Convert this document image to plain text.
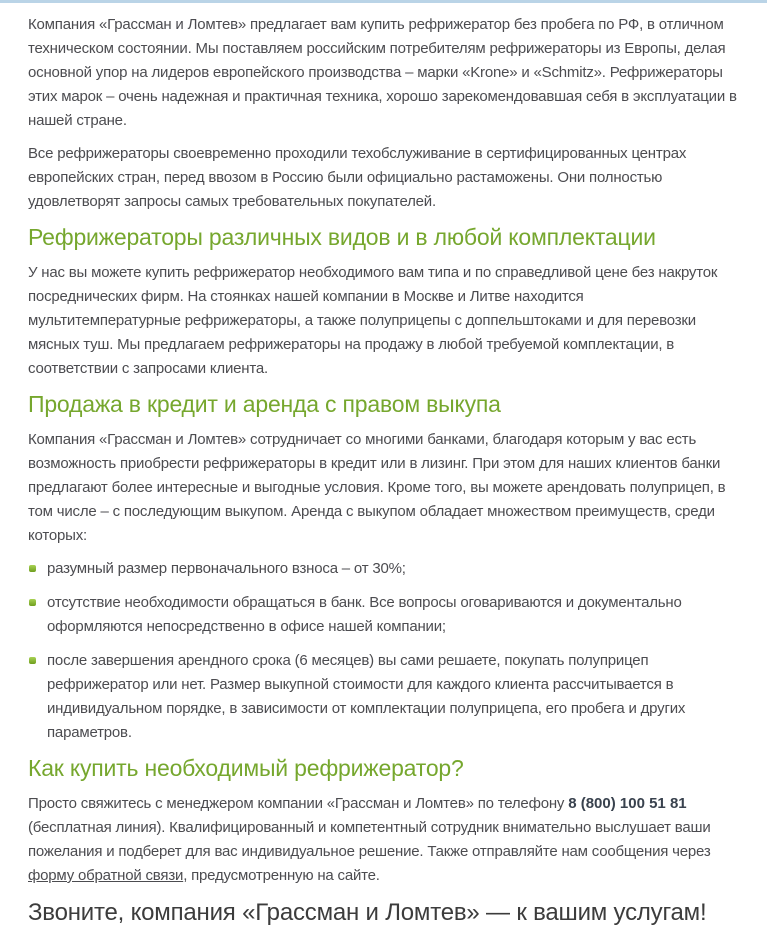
Компания «Грассман и Ломтев» предлагает вам купить рефрижератор без пробега по РФ, в отличном техническом состоянии. Мы поставляем российским потребителям рефрижераторы из Европы, делая основной упор на лидеров европейского производства – марки «Krone» и «Schmitz». Рефрижераторы этих марок – очень надежная и практичная техника, хорошо зарекомендовавшая себя в эксплуатации в нашей стране.

Все рефрижераторы своевременно проходили техобслуживание в сертифицированных центрах европейских стран, перед ввозом в Россию были официально растаможены. Они полностью удовлетворят запросы самых требовательных покупателей.

Рефрижераторы различных видов и в любой комплектации

У нас вы можете купить рефрижератор необходимого вам типа и по справедливой цене без накруток посреднических фирм. На стоянках нашей компании в Москве и Литве находится мультитемпературные рефрижераторы, а также полуприцепы с доппельштоками и для перевозки мясных туш. Мы предлагаем рефрижераторы на продажу в любой требуемой комплектации, в соответствии с запросами клиента.

Продажа в кредит и аренда с правом выкупа

Компания «Грассман и Ломтев» сотрудничает со многими банками, благодаря которым у вас есть возможность приобрести рефрижераторы в кредит или в лизинг. При этом для наших клиентов банки предлагают более интересные и выгодные условия. Кроме того, вы можете арендовать полуприцеп, в том числе – с последующим выкупом. Аренда с выкупом обладает множеством преимуществ, среди которых:

разумный размер первоначального взноса – от 30%;
отсутствие необходимости обращаться в банк. Все вопросы оговариваются и документально оформляются непосредственно в офисе нашей компании;
после завершения арендного срока (6 месяцев) вы сами решаете, покупать полуприцеп рефрижератор или нет. Размер выкупной стоимости для каждого клиента рассчитывается в индивидуальном порядке, в зависимости от комплектации полуприцепа, его пробега и других параметров.
Как купить необходимый рефрижератор?

Просто свяжитесь с менеджером компании «Грассман и Ломтев» по телефону 8 (800) 100 51 81 (бесплатная линия). Квалифицированный и компетентный сотрудник внимательно выслушает ваши пожелания и подберет для вас индивидуальное решение. Также отправляйте нам сообщения через форму обратной связи, предусмотренную на сайте.

Звоните, компания «Грассман и Ломтев» — к вашим услугам!
